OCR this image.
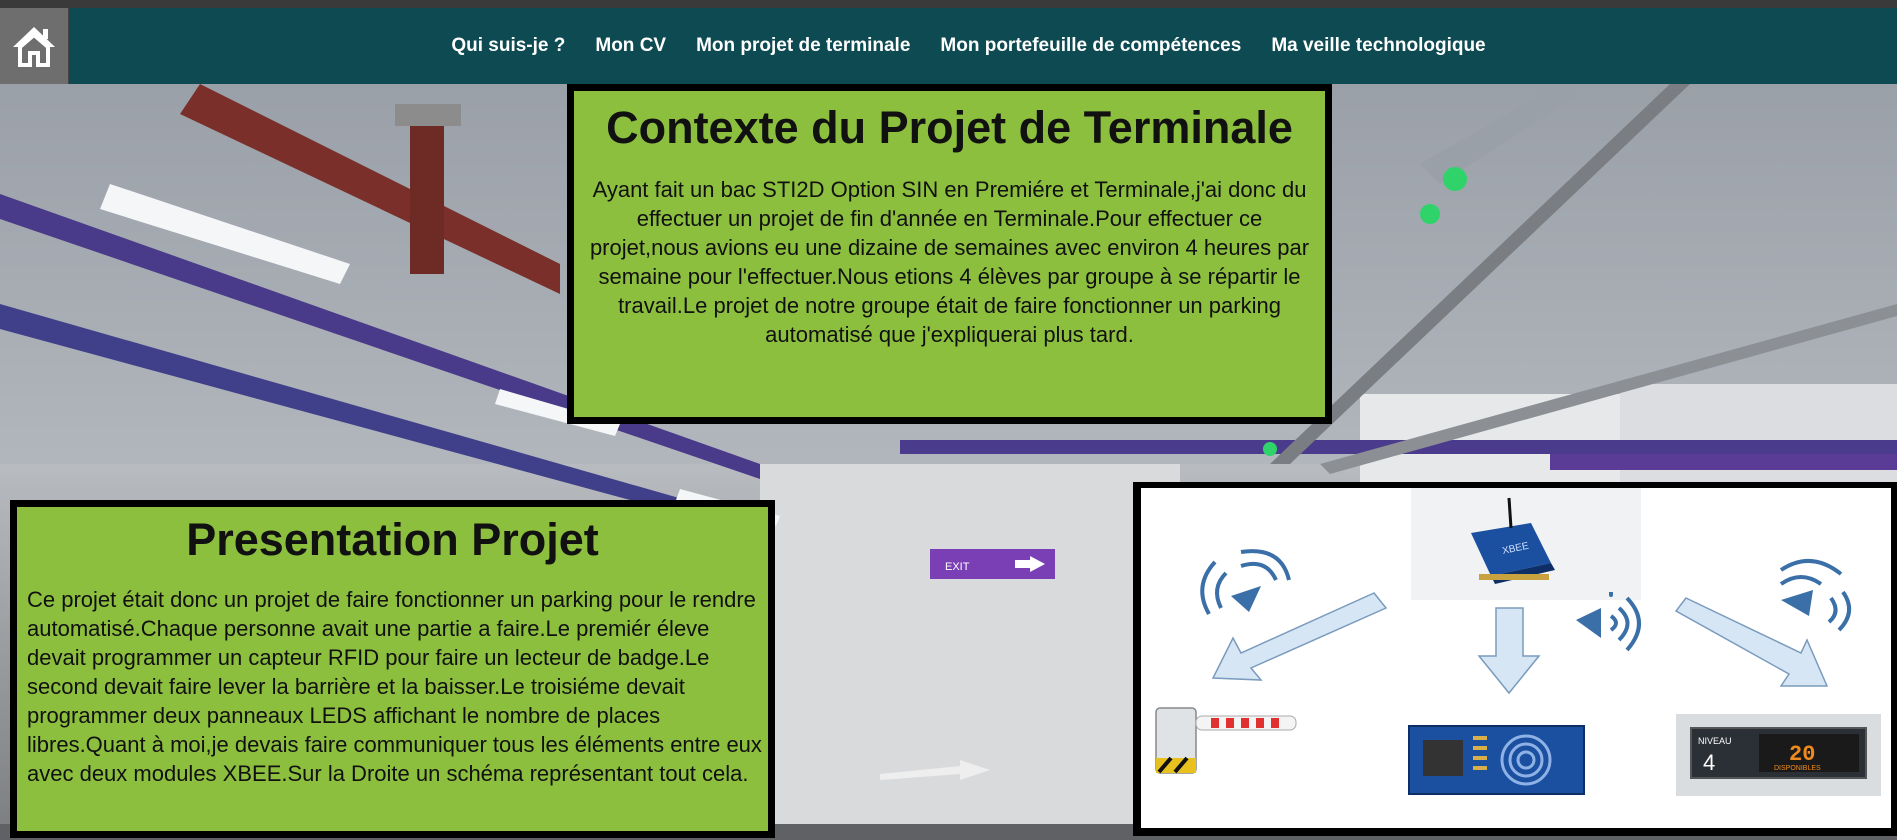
EXIT
Qui suis-je ? Mon CV Mon projet de terminale Mon portefeuille de compétences Ma veille technologique
Contexte du Projet de Terminale

Ayant fait un bac STI2D Option SIN en Premiére et Terminale,j'ai donc du effectuer un projet de fin d'année en Terminale.Pour effectuer ce projet,nous avions eu une dizaine de semaines avec environ 4 heures par semaine pour l'effectuer.Nous etions 4 élèves par groupe à se répartir le travail.Le projet de notre groupe était de faire fonctionner un parking automatisé que j'expliquerai plus tard.

Presentation Projet

Ce projet était donc un projet de faire fonctionner un parking pour le rendre automatisé.Chaque personne avait une partie a faire.Le premiér éleve devait programmer un capteur RFID pour faire un lecteur de badge.Le second devait faire lever la barrière et la baisser.Le troisiéme devait programmer deux panneaux LEDS affichant le nombre de places libres.Quant à moi,je devais faire communiquer tous les éléments entre eux avec deux modules XBEE.Sur la Droite un schéma représentant tout cela.

XBEE
NIVEAU
4	20
DISPONIBLES
